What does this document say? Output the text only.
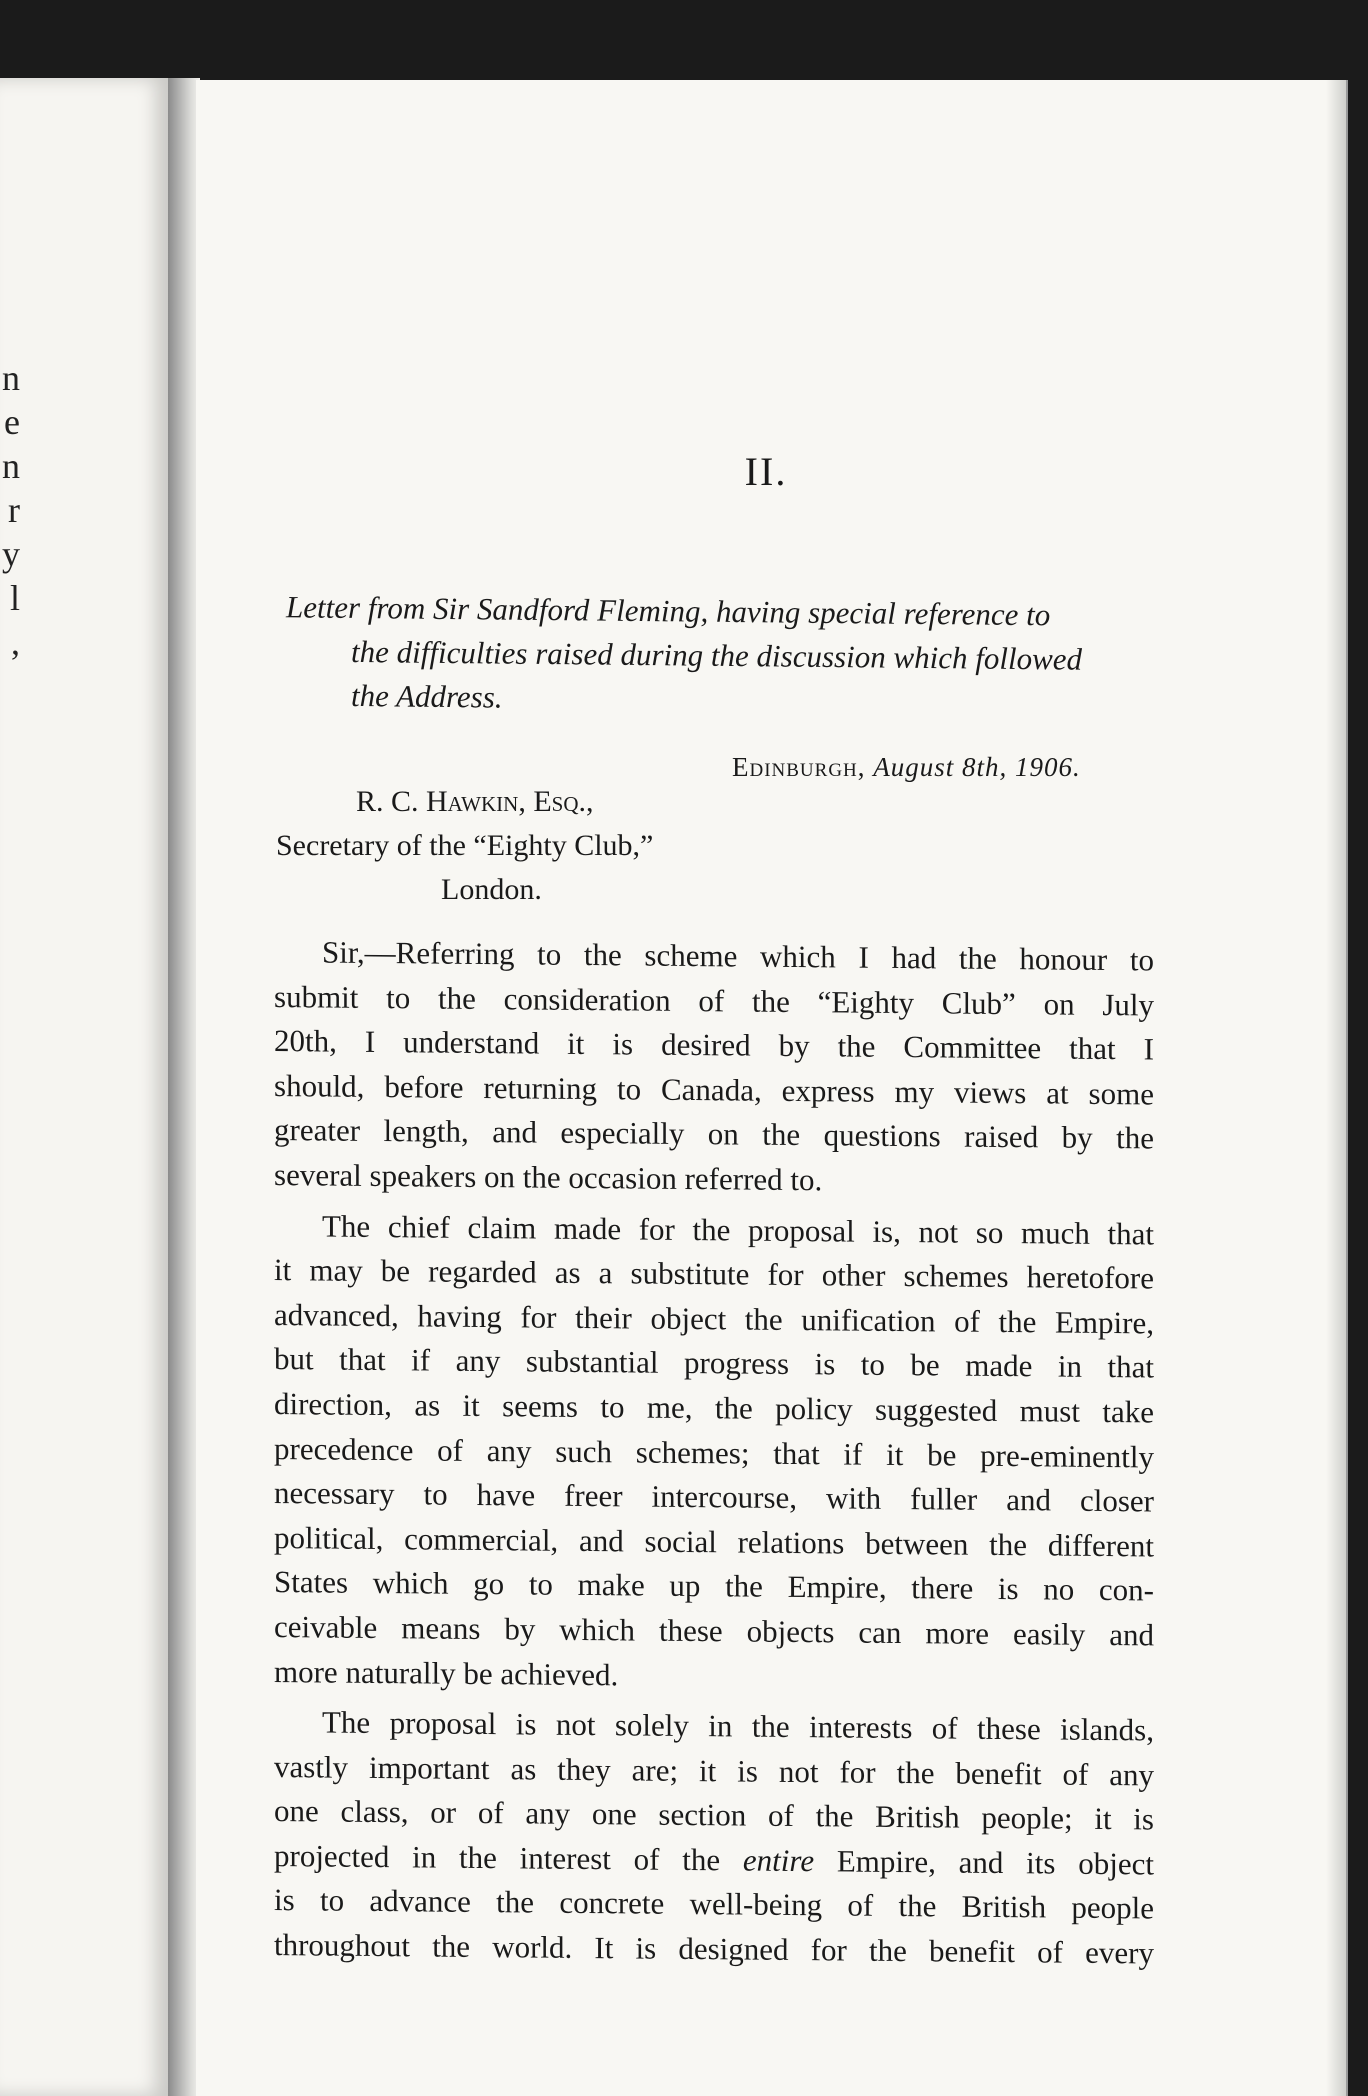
n
e
n
r
y
l
,
II.
Letter from Sir Sandford Fleming, having special reference to
the difficulties raised during the discussion which followed
the Address.
Edinburgh, August 8th, 1906.
R. C. Hawkin, Esq.,
Secretary of the “Eighty Club,”
London.
Sir,—Referring to the scheme which I had the honour to
submit to the consideration of the “Eighty Club” on July
20th, I understand it is desired by the Committee that I
should, before returning to Canada, express my views at some
greater length, and especially on the questions raised by the
several speakers on the occasion referred to.
The chief claim made for the proposal is, not so much that
it may be regarded as a substitute for other schemes heretofore
advanced, having for their object the unification of the Empire,
but that if any substantial progress is to be made in that
direction, as it seems to me, the policy suggested must take
precedence of any such schemes; that if it be pre-eminently
necessary to have freer intercourse, with fuller and closer
political, commercial, and social relations between the different
States which go to make up the Empire, there is no con-
ceivable means by which these objects can more easily and
more naturally be achieved.
The proposal is not solely in the interests of these islands,
vastly important as they are; it is not for the benefit of any
one class, or of any one section of the British people; it is
projected in the interest of the entire Empire, and its object
is to advance the concrete well-being of the British people
throughout the world. It is designed for the benefit of every
